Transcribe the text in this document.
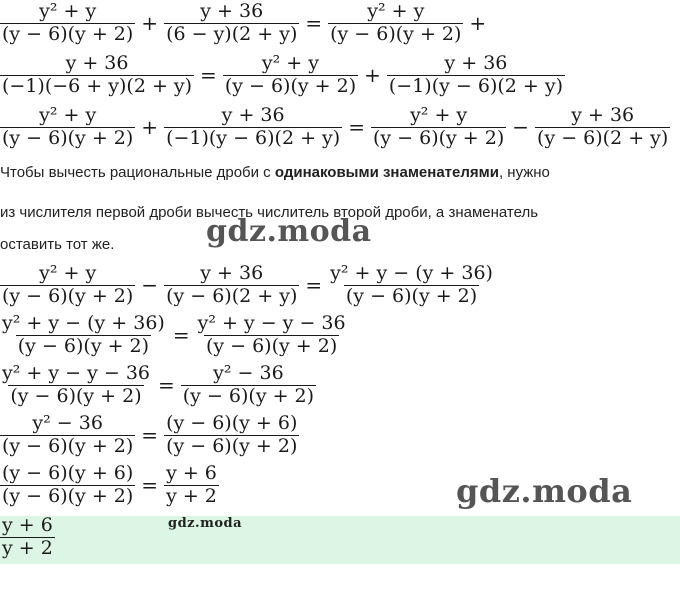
$\frac{\text{y² + y}}{(y - 6)(y + 2)} + \frac{y + 36}{(6 - y)(2 + y)} = \frac{\text{y² + y}}{(y - 6)(y + 2)}$ +
$\frac{y + 36}{(-1)(-6 + y)(2 + y)} = \frac{\text{y² + y}}{(y - 6)(y + 2)} + \frac{y + 36}{(-1)(y - 6)(2 + y)}$
$\frac{\text{y² + y}}{(y - 6)(y + 2)} + \frac{y + 36}{(-1)(y - 6)(2 + y)} = \frac{\text{y² + y}}{(y - 6)(y + 2)} - \frac{y + 36}{(y - 6)(2 + y)}$
Чтобы вычесть рациональные дроби с одинаковыми знаменателями, нужно
из числителя первой дроби вычесть числитель второй дроби, а знаменатель
оставить тот же.
$\frac{\text{y² + y}}{(y - 6)(y + 2)} - \frac{y + 36}{(y - 6)(2 + y)} = \frac{\text{y² + y − (y + 36)}}{(y - 6)(y + 2)}$
$\frac{\text{y² + y − (y + 36)}}{(y - 6)(y + 2)} = \frac{\text{y² + y − y − 36}}{(y - 6)(y + 2)}$
$\frac{\text{y² + y − y − 36}}{(y - 6)(y + 2)} = \frac{\text{y² − 36}}{(y - 6)(y + 2)}$
$\frac{\text{y² − 36}}{(y - 6)(y + 2)} = \frac{(y - 6)(y + 6)}{(y - 6)(y + 2)}$
$\frac{(y - 6)(y + 6)}{(y - 6)(y + 2)} = \frac{y + 6}{y + 2}$
$\frac{y + 6}{y + 2}$
gdz.moda
gdz.moda
gdz.moda
